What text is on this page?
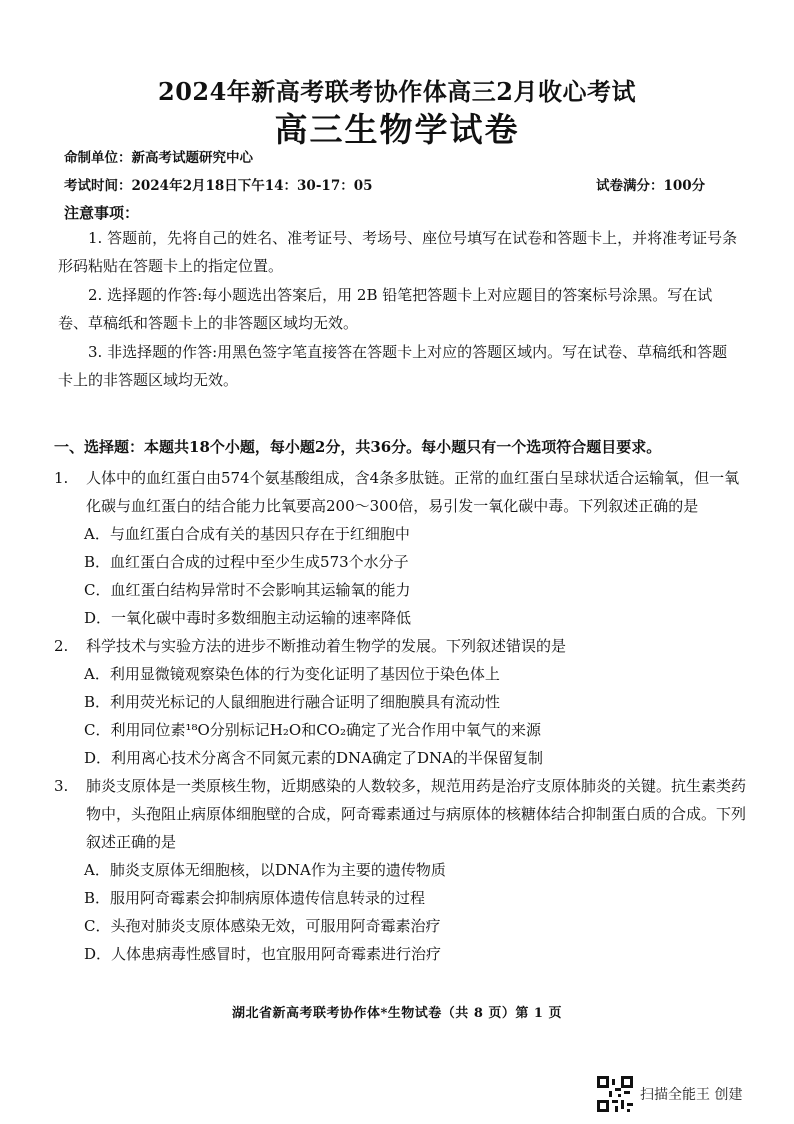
2024年新高考联考协作体高三2月收心考试
高三生物学试卷
命制单位：新高考试题研究中心
考试时间：2024年2月18日下午14：30-17：05	试卷满分：100分
注意事项：
1. 答题前，先将自己的姓名、准考证号、考场号、座位号填写在试卷和答题卡上，并将准考证号条形码粘贴在答题卡上的指定位置。
2. 选择题的作答:每小题选出答案后，用 2B 铅笔把答题卡上对应题目的答案标号涂黑。写在试卷、草稿纸和答题卡上的非答题区域均无效。
3. 非选择题的作答:用黑色签字笔直接答在答题卡上对应的答题区域内。写在试卷、草稿纸和答题卡上的非答题区域均无效。
一、选择题：本题共18个小题，每小题2分，共36分。每小题只有一个选项符合题目要求。
1. 人体中的血红蛋白由574个氨基酸组成，含4条多肽链。正常的血红蛋白呈球状适合运输氧，但一氧化碳与血红蛋白的结合能力比氧要高200～300倍，易引发一氧化碳中毒。下列叙述正确的是
A．与血红蛋白合成有关的基因只存在于红细胞中
B．血红蛋白合成的过程中至少生成573个水分子
C．血红蛋白结构异常时不会影响其运输氧的能力
D．一氧化碳中毒时多数细胞主动运输的速率降低
2. 科学技术与实验方法的进步不断推动着生物学的发展。下列叙述错误的是
A．利用显微镜观察染色体的行为变化证明了基因位于染色体上
B．利用荧光标记的人鼠细胞进行融合证明了细胞膜具有流动性
C．利用同位素¹⁸O分别标记H₂O和CO₂确定了光合作用中氧气的来源
D．利用离心技术分离含不同氮元素的DNA确定了DNA的半保留复制
3. 肺炎支原体是一类原核生物，近期感染的人数较多，规范用药是治疗支原体肺炎的关键。抗生素类药物中，头孢阻止病原体细胞壁的合成，阿奇霉素通过与病原体的核糖体结合抑制蛋白质的合成。下列叙述正确的是
A．肺炎支原体无细胞核，以DNA作为主要的遗传物质
B．服用阿奇霉素会抑制病原体遗传信息转录的过程
C．头孢对肺炎支原体感染无效，可服用阿奇霉素治疗
D．人体患病毒性感冒时，也宜服用阿奇霉素进行治疗
湖北省新高考联考协作体*生物试卷（共 8 页）第 1 页
扫描全能王 创建
